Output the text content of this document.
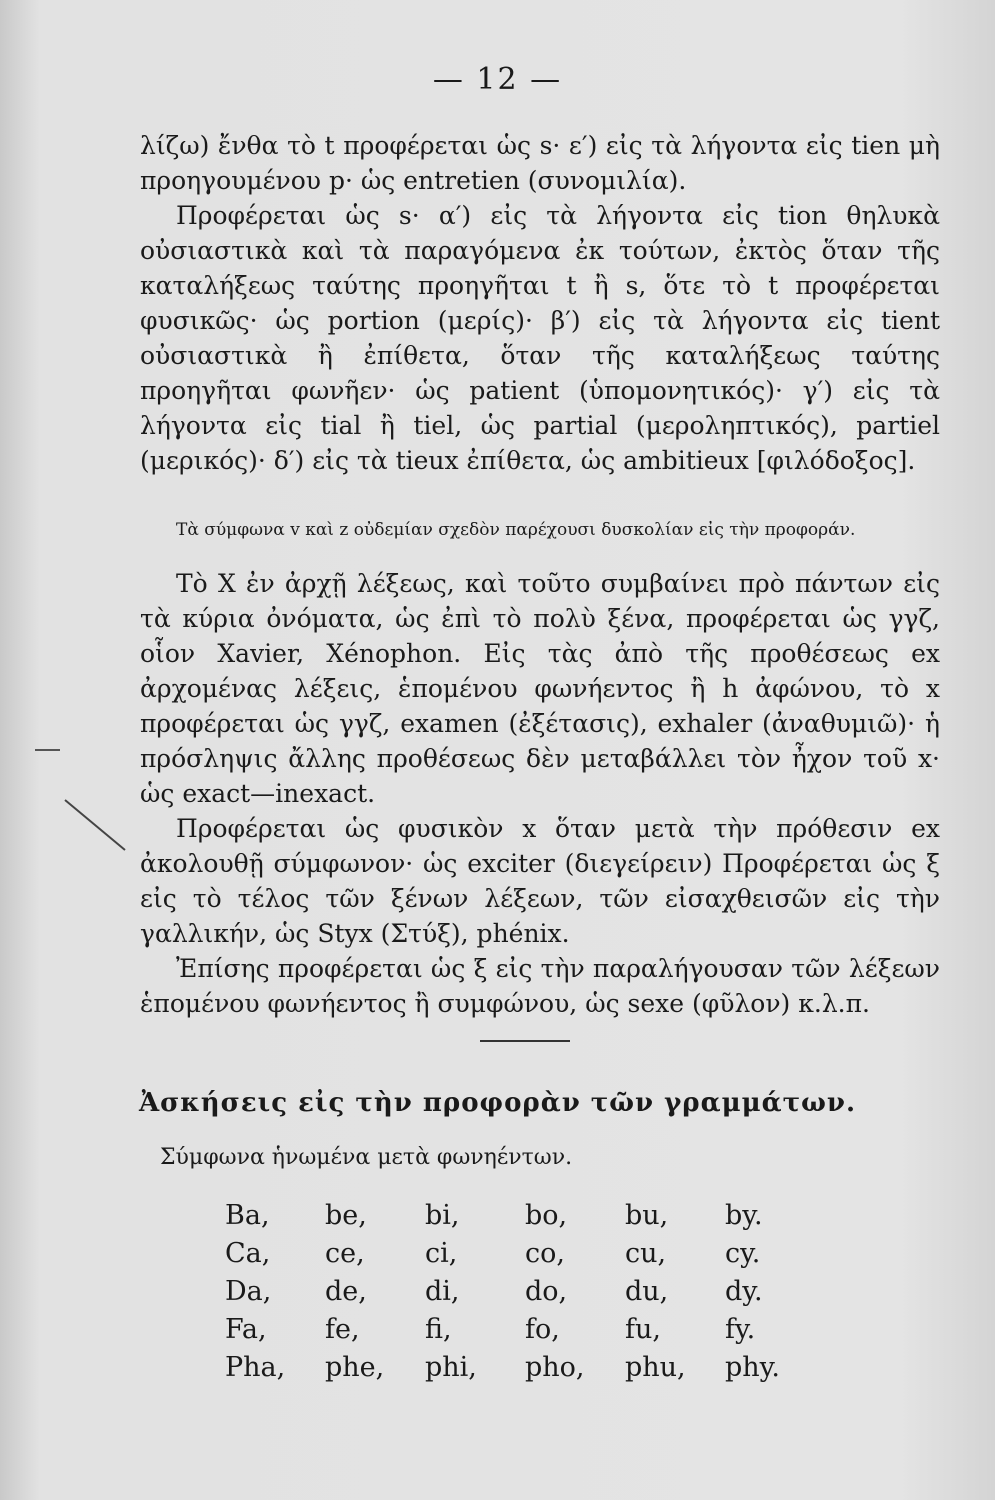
— 12 —

λίζω) ἔνθα τὸ t προφέρεται ὡς s· ε′) εἰς τὰ λήγοντα εἰς tien μὴ προηγουμένου p· ὡς entretien (συνομιλία).

Προφέρεται ὡς s· α′) εἰς τὰ λήγοντα εἰς tion θηλυκὰ οὐσιαστικὰ καὶ τὰ παραγόμενα ἐκ τούτων, ἐκτὸς ὅταν τῆς καταλήξεως ταύτης προηγῆται t ἢ s, ὅτε τὸ t προφέρεται φυσικῶς· ὡς portion (μερίς)· β′) εἰς τὰ λήγοντα εἰς tient οὐσιαστικὰ ἢ ἐπίθετα, ὅταν τῆς καταλήξεως ταύτης προηγῆται φωνῆεν· ὡς patient (ὑπομονητικός)· γ′) εἰς τὰ λήγοντα εἰς tial ἢ tiel, ὡς partial (μεροληπτικός), partiel (μερικός)· δ′) εἰς τὰ tieux ἐπίθετα, ὡς ambitieux [φιλόδοξος].

Τὰ σύμφωνα v καὶ z οὐδεμίαν σχεδὸν παρέχουσι δυσκολίαν εἰς τὴν προφοράν.

Τὸ X ἐν ἀρχῇ λέξεως, καὶ τοῦτο συμβαίνει πρὸ πάντων εἰς τὰ κύρια ὀνόματα, ὡς ἐπὶ τὸ πολὺ ξένα, προφέρεται ὡς γγζ, οἷον Xavier, Xénophon. Εἰς τὰς ἀπὸ τῆς προθέσεως ex ἀρχομένας λέξεις, ἑπομένου φωνήεντος ἢ h ἀφώνου, τὸ x προφέρεται ὡς γγζ, examen (ἐξέτασις), exhaler (ἀναθυμιῶ)· ἡ πρόσληψις ἄλλης προθέσεως δὲν μεταβάλλει τὸν ἦχον τοῦ x· ὡς exact—inexact.

Προφέρεται ὡς φυσικὸν x ὅταν μετὰ τὴν πρόθεσιν ex ἀκολουθῇ σύμφωνον· ὡς exciter (διεγείρειν) Προφέρεται ὡς ξ εἰς τὸ τέλος τῶν ξένων λέξεων, τῶν εἰσαχθεισῶν εἰς τὴν γαλλικήν, ὡς Styx (Στύξ), phénix.

Ἐπίσης προφέρεται ὡς ξ εἰς τὴν παραλήγουσαν τῶν λέξεων ἑπομένου φωνήεντος ἢ συμφώνου, ὡς sexe (φῦλον) κ.λ.π.

Ἀσκήσεις εἰς τὴν προφορὰν τῶν γραμμάτων.
Σύμφωνα ἡνωμένα μετὰ φωνηέντων.
Ba,	be,	bi,	bo,	bu,	by.
Ca,	ce,	ci,	co,	cu,	cy.
Da,	de,	di,	do,	du,	dy.
Fa,	fe,	fi,	fo,	fu,	fy.
Pha,	phe,	phi,	pho,	phu,	phy.
